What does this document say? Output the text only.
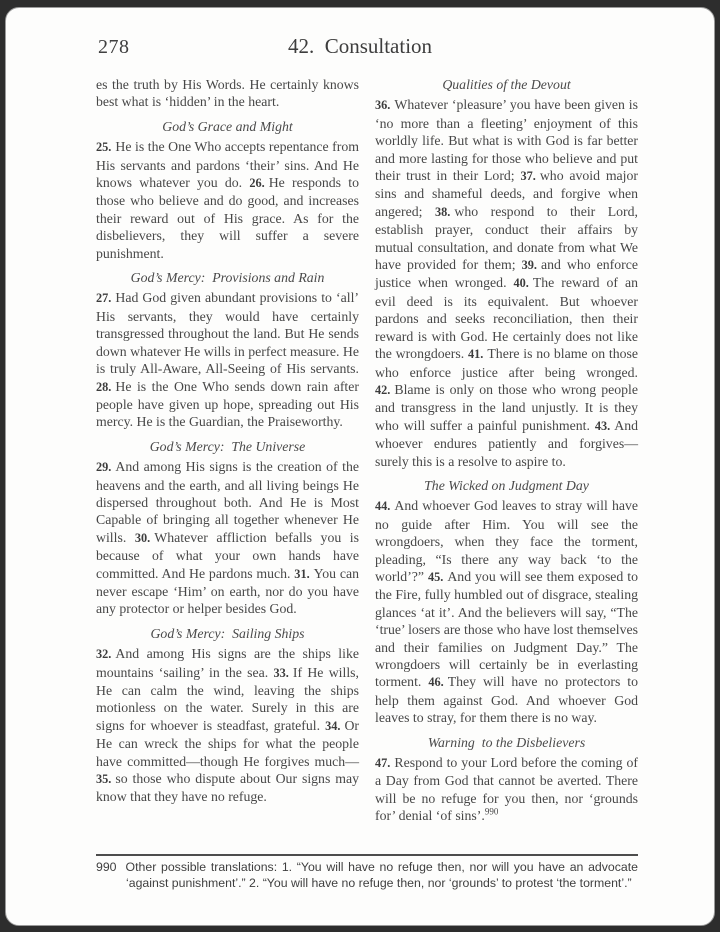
278	42.  Consultation

es the truth by His Words. He certainly knows best what is ‘hidden’ in the heart.

God’s Grace and Might

25. He is the One Who accepts repentance from His servants and pardons ‘their’ sins. And He knows whatever you do. 26. He responds to those who believe and do good, and increases their reward out of His grace. As for the disbelievers, they will suffer a severe punishment.

God’s Mercy:  Provisions and Rain

27. Had God given abundant provisions to ‘all’ His servants, they would have certainly transgressed throughout the land. But He sends down whatever He wills in perfect measure. He is truly All-Aware, All-Seeing of His servants. 28. He is the One Who sends down rain after people have given up hope, spreading out His mercy. He is the Guardian, the Praiseworthy.

God’s Mercy:  The Universe

29. And among His signs is the creation of the heavens and the earth, and all living beings He dispersed throughout both. And He is Most Capable of bringing all together whenever He wills. 30. Whatever affliction befalls you is because of what your own hands have committed. And He pardons much. 31. You can never escape ‘Him’ on earth, nor do you have any protector or helper besides God.

God’s Mercy:  Sailing Ships

32. And among His signs are the ships like mountains ‘sailing’ in the sea. 33. If He wills, He can calm the wind, leaving the ships motionless on the water. Surely in this are signs for whoever is steadfast, grateful. 34. Or He can wreck the ships for what the people have committed—though He forgives much— 35. so those who dispute about Our signs may know that they have no refuge.

Qualities of the Devout

36. Whatever ‘pleasure’ you have been given is ‘no more than a fleeting’ enjoyment of this worldly life. But what is with God is far better and more lasting for those who believe and put their trust in their Lord; 37. who avoid major sins and shameful deeds, and forgive when angered; 38. who respond to their Lord, establish prayer, conduct their affairs by mutual consultation, and donate from what We have provided for them; 39. and who enforce justice when wronged. 40. The reward of an evil deed is its equivalent. But whoever pardons and seeks reconciliation, then their reward is with God. He certainly does not like the wrongdoers. 41. There is no blame on those who enforce justice after being wronged. 42. Blame is only on those who wrong people and transgress in the land unjustly. It is they who will suffer a painful punishment. 43. And whoever endures patiently and forgives—surely this is a resolve to aspire to.

The Wicked on Judgment Day

44. And whoever God leaves to stray will have no guide after Him. You will see the wrongdoers, when they face the torment, pleading, “Is there any way back ‘to the world’?” 45. And you will see them exposed to the Fire, fully humbled out of disgrace, stealing glances ‘at it’. And the believers will say, “The ‘true’ losers are those who have lost themselves and their families on Judgment Day.” The wrongdoers will certainly be in everlasting torment. 46. They will have no protectors to help them against God. And whoever God leaves to stray, for them there is no way.

Warning  to the Disbelievers

47. Respond to your Lord before the coming of a Day from God that cannot be averted. There will be no refuge for you then, nor ‘grounds for’ denial ‘of sins’.$^{990}$

990 Other possible translations: 1. “You will have no refuge then, nor will you have an advocate ‘against punishment’.” 2. “You will have no refuge then, nor ‘grounds’ to protest ‘the torment’.”
